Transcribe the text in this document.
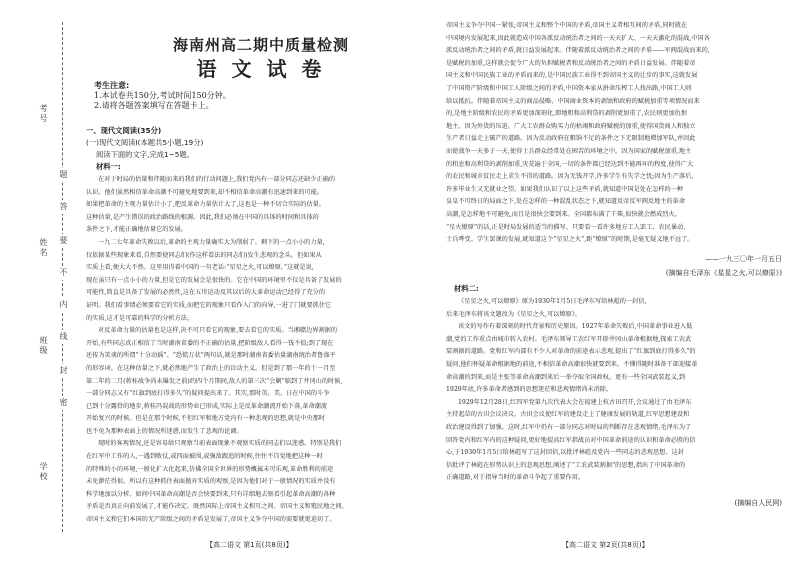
考号
姓名
班级
学校
题
答
要
不
内
线
封
密
海南州高二期中质量检测
语 文 试 卷
考生注意:
1.本试卷共150分,考试时间150分钟。
2.请将各题答案填写在答题卡上。
一、现代文阅读(35分)
(一)现代文阅读Ⅰ(本题共5小题,19分)
阅读下面的文字,完成1~5题。
材料一:
在对于时局的估量和伴随而来的我们的行动问题上,我们党内有一部分同志还缺少正确的
认识。他们虽然相信革命高潮不可避免地要到来,却不相信革命高潮有迅速到来的可能。
如果把革命的主观力量估计小了,把反革命力量估计大了,这也是一种不切合实际的估量。
这种估量,是产生错误的政治路线的根源。因此,我们必须在中国的具体的时间和具体的
条件之下,才能正确地估量它的发展。
一九二七年革命失败以后,革命的主观力量确实大为削弱了。剩下的一点小小的力量,
仅依据某些现象来看,自然要使同志们(作这样看法的同志们)发生悲观的念头。但如果从
实质上看,便大大不然。这里用得着中国的一句老话:“星星之火,可以燎原。”这就是说,
现在虽只有一点小小的力量,但是它的发展会是很快的。它在中国的环境里不仅是具备了发展的
可能性,简直是具备了发展的必然性,这在五卅运动及其以后的大革命运动已经得了充分的
证明。我们看事情必须要看它的实质,而把它的现象只看作入门的向导,一进了门就要抓住它
的实质,这才是可靠的科学的分析方法。
对反革命力量的估量也是这样,决不可只看它的现象,要去看它的实质。当湘赣边界割据的
开始,有些同志真正相信了当时湖南省委的不正确的估量,把阶级敌人看得一钱不值;到了现在
还传为笑谈的所谓“十分动摇”、“恐慌万状”两句话,就是那时湖南省委估量湖南统治者鲁涤平
的形容词。在这种估量之下,就必然地产生了政治上的盲动主义。但是到了那一年的十一月至
第二年的二月(蒋桂战争尚未爆发之前)约四个月期间,敌人的第三次“会剿”临到了井冈山的时候,
一部分同志又有“红旗到底打得多久”的疑问提出来了。其实,那时英、美、日在中国的斗争
已到十分露骨的地步,蒋桂冯混战的形势业已形成,实际上是反革命潮流开始下落,革命潮流
开始复兴的时候。但是在那个时候,不但红军和地方党内有一种悲观的思想,就是中央那时
也不免为那种表面上的情况所迷惑,而发生了悲观的论调。
现时的客观情况,还是容易给只观察当前表面现象不观察实质的同志们以迷惑。特别是我们
在红军中工作的人,一遇到败仗,或四面被围,或强敌跟追的时候,往往不自觉地把这种一时
的特殊的小的环境,一般化扩大化起来,仿佛全国全世界的形势概属未可乐观,革命胜利的前途
未免渺茫得很。所以有这种抓住表面抛弃实质的观察,是因为他们对于一般情况的实质并没有
科学地加以分析。如问中国革命高潮是否会快要到来,只有详细地去察看引起革命高潮的各种
矛盾是否真正向前发展了,才能作决定。既然国际上帝国主义相互之间、帝国主义和殖民地之间、
帝国主义和它们本国的无产阶级之间的矛盾是发展了,帝国主义争夺中国的需要就更迫切了。
【高二语文 第1页(共8页)】
帝国主义争夺中国一紧张,帝国主义和整个中国的矛盾,帝国主义者相互间的矛盾,同时就在
中国境内发展起来,因此就造成中国各派反动统治者之间的一天天扩大、一天天激化的混战,中国各
派反动统治者之间的矛盾,就日益发展起来。伴随着派反动统治者之间的矛盾——军阀混战而来的,
是赋税的加重,这样就会促令广大的负担赋税者和反动统治者之间的矛盾日益发展。伴随着帝
国主义和中国民族工业的矛盾而来的,是中国民族工业得不到帝国主义的让步的事实,这就发展
了中国资产阶级和中国工人阶级之间的矛盾,中国资本家从拼命压榨工人找出路,中国工人则
给以抵抗。伴随着帝国主义的商品侵略、中国商业资本的剥蚀和政府的赋税加重等项情况而来
的,是地主阶级和农民的矛盾更加深刻化,即地租和高利贷的剥削更加重了,农民则更加仇恨
地主。因为外货的压迫、广大工农群众购买力的枯竭和政府赋税的加重,使得国货商人和独立
生产者日益走上破产的道路。因为反动政府在粮饷不足的条件之下无限制地增加军队,并因此
而使战争一天多于一天,使得士兵群众经常处在困苦的环境之中。因为国家的赋税加重,地主
的租息和高利贷的剥削加重,灾荒遍于全国,一切的条件都已经达到不能再坏的程度,使得广大
的农民和城市贫民走上求生不得的道路。因为无钱开学,许多学生有失学之忧;因为生产落后,
许多毕业生又无就业之望。如果我们认识了以上这些矛盾,就知道中国是处在怎样的一种
皇皇不可终日的局面之下,处在怎样的一种混乱状态之下,就知道反帝反军阀反地主的革命
高潮,是怎样地不可避免,而且是很快会要到来。全国都布满了干柴,很快就会燃成烈火。
“星火燎原”的话,正是时局发展的适当的描写。只要看一看许多地方工人罢工、农民暴动、
士兵哗变、学生罢课的发展,就知道这个“星星之火”,距“燎原”的时期,是毫无疑义地不远了。
——一九三〇年一月五日
(摘编自毛泽东《星星之火,可以燎原》)
材料二:
《星星之火,可以燎原》原为1930年1月5日毛泽东写给林彪的一封信,
后来毛泽东将该文题改为《星星之火,可以燎原》。
该文的写作有着深刻的时代背景和历史原因。1927年革命失败后,中国革命事业进入低
潮,党的工作重点由城市转入农村。毛泽东领导工农红军开辟井冈山革命根据地,探索工农武
装割据的道路。党和红军内部有不少人对革命的前途表示悲观,提出了“红旗到底打得多久”的
疑问,他们怀疑革命根据地的前途,不相信革命高潮很快就要到来。不懂得随时准备干部迎接革
命高潮的到来,而是主张等革命高潮到来后一举夺取全国政权。更有一些全国武装起义,到
1929年底,许多革命者感到的思想迷茫和悲观情绪尚未消除。
1929年12月28日,红四军党第九次代表大会在福建上杭古田召开,会议通过了由毛泽东
主持起草的古田会议决议。古田会议使红军的建设走上了健康发展的轨道,红军思想建设和
政治建设得到了加强。这时,红军中仍有一部分同志对时局的判断存在悲观情绪,毛泽东为了
回答党内和红军内的这种疑问,更好地提高红军指战员对中国革命前途的认识和革命必胜的信
心,于1930年1月5日给林彪写了这封回信,以批评林彪及党内一些同志的悲观思想。这封
信批评了林彪在形势认识上的悲观思想,阐述了“工农武装割据”的思想,指出了中国革命的
正确道路,对于指导当时的革命斗争起了重要作用。
(摘编自人民网)
【高二语文 第2页(共8页)】
